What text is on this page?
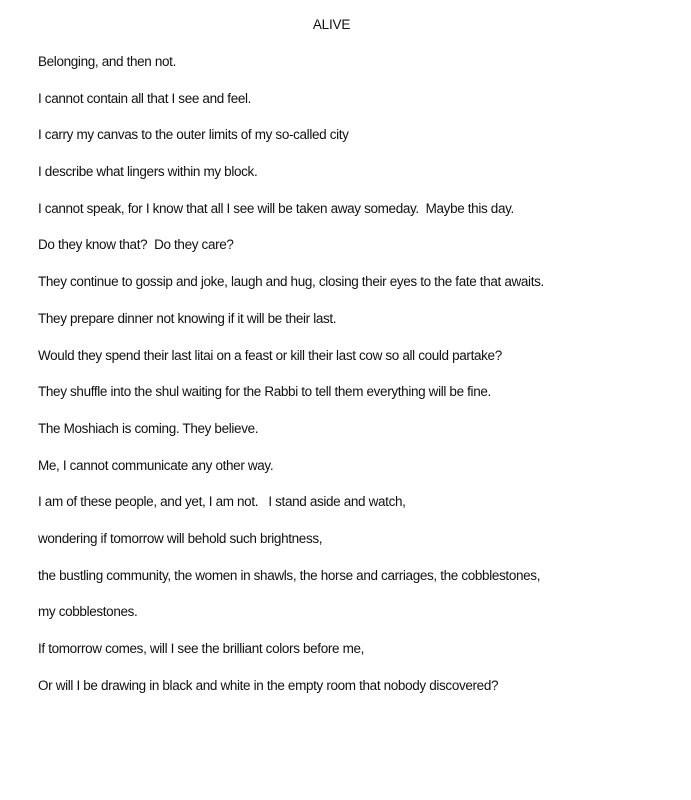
ALIVE
Belonging, and then not.
I cannot contain all that I see and feel.
I carry my canvas to the outer limits of my so-called city
I describe what lingers within my block.
I cannot speak, for I know that all I see will be taken away someday.  Maybe this day.
Do they know that?  Do they care?
They continue to gossip and joke, laugh and hug, closing their eyes to the fate that awaits.
They prepare dinner not knowing if it will be their last.
Would they spend their last litai on a feast or kill their last cow so all could partake?
They shuffle into the shul waiting for the Rabbi to tell them everything will be fine.
The Moshiach is coming. They believe.
Me, I cannot communicate any other way.
I am of these people, and yet, I am not.   I stand aside and watch,
wondering if tomorrow will behold such brightness,
the bustling community, the women in shawls, the horse and carriages, the cobblestones,
my cobblestones.
If tomorrow comes, will I see the brilliant colors before me,
Or will I be drawing in black and white in the empty room that nobody discovered?
